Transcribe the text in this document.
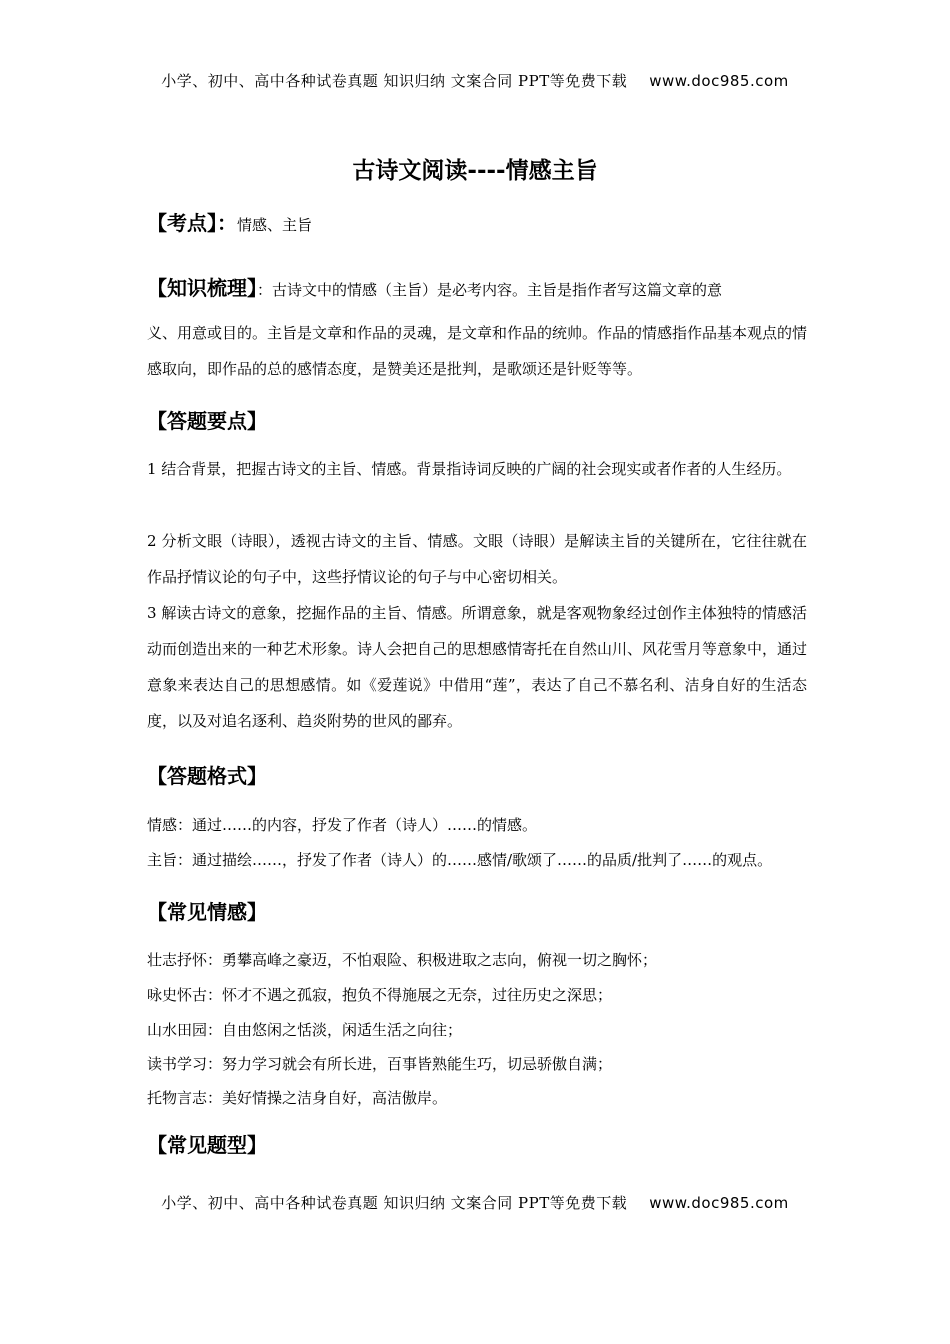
小学、初中、高中各种试卷真题 知识归纳 文案合同 PPT等免费下载 www.doc985.com
古诗文阅读----情感主旨
【考点】：情感、主旨
【知识梳理】：古诗文中的情感（主旨）是必考内容。主旨是指作者写这篇文章的意
义、用意或目的。主旨是文章和作品的灵魂，是文章和作品的统帅。作品的情感指作品基本观点的情感取向，即作品的总的感情态度，是赞美还是批判，是歌颂还是针贬等等。
【答题要点】
1 结合背景，把握古诗文的主旨、情感。背景指诗词反映的广阔的社会现实或者作者的人生经历。
2 分析文眼（诗眼），透视古诗文的主旨、情感。文眼（诗眼）是解读主旨的关键所在，它往往就在作品抒情议论的句子中，这些抒情议论的句子与中心密切相关。
3 解读古诗文的意象，挖掘作品的主旨、情感。所谓意象，就是客观物象经过创作主体独特的情感活动而创造出来的一种艺术形象。诗人会把自己的思想感情寄托在自然山川、风花雪月等意象中，通过意象来表达自己的思想感情。如《爱莲说》中借用“莲”，表达了自己不慕名利、洁身自好的生活态度，以及对追名逐利、趋炎附势的世风的鄙弃。
【答题格式】
情感：通过……的内容，抒发了作者（诗人）……的情感。
主旨：通过描绘……，抒发了作者（诗人）的……感情/歌颂了……的品质/批判了……的观点。
【常见情感】
壮志抒怀：勇攀高峰之豪迈，不怕艰险、积极进取之志向，俯视一切之胸怀；
咏史怀古：怀才不遇之孤寂，抱负不得施展之无奈，过往历史之深思；
山水田园：自由悠闲之恬淡，闲适生活之向往；
读书学习：努力学习就会有所长进，百事皆熟能生巧，切忌骄傲自满；
托物言志：美好情操之洁身自好，高洁傲岸。
【常见题型】
小学、初中、高中各种试卷真题 知识归纳 文案合同 PPT等免费下载 www.doc985.com
